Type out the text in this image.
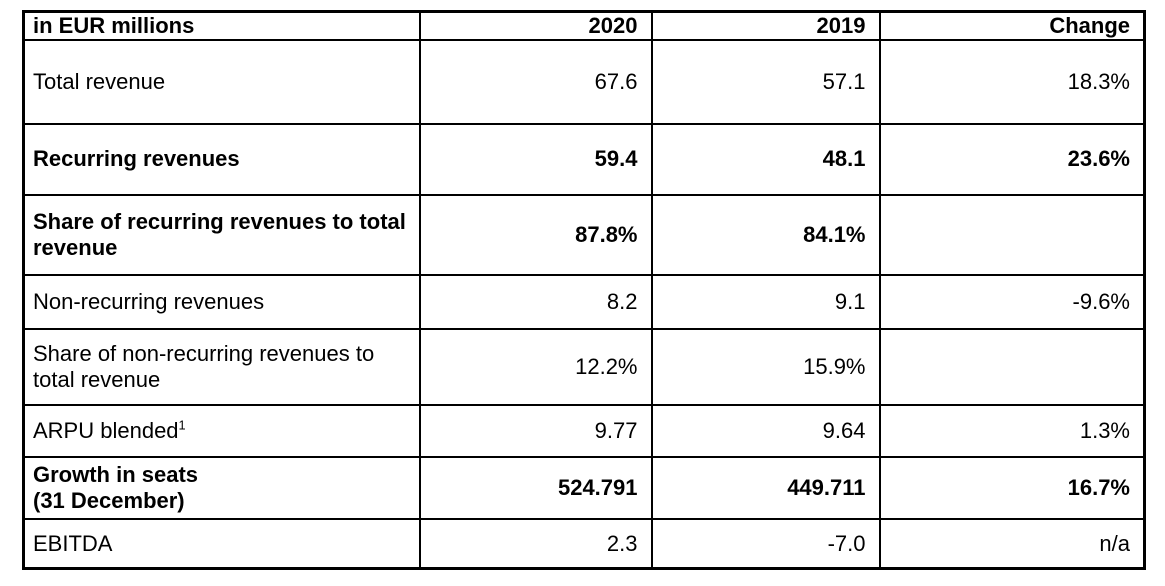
in EUR millions	2020	2019	Change
Total revenue	67.6	57.1	18.3%
Recurring revenues	59.4	48.1	23.6%
Share of recurring revenues to total revenue	87.8%	84.1%	
Non-recurring revenues	8.2	9.1	-9.6%
Share of non-recurring revenues to total revenue	12.2%	15.9%	
ARPU blended$^1$	9.77	9.64	1.3%
Growth in seats
(31 December)	524.791	449.711	16.7%
EBITDA	2.3	-7.0	n/a
